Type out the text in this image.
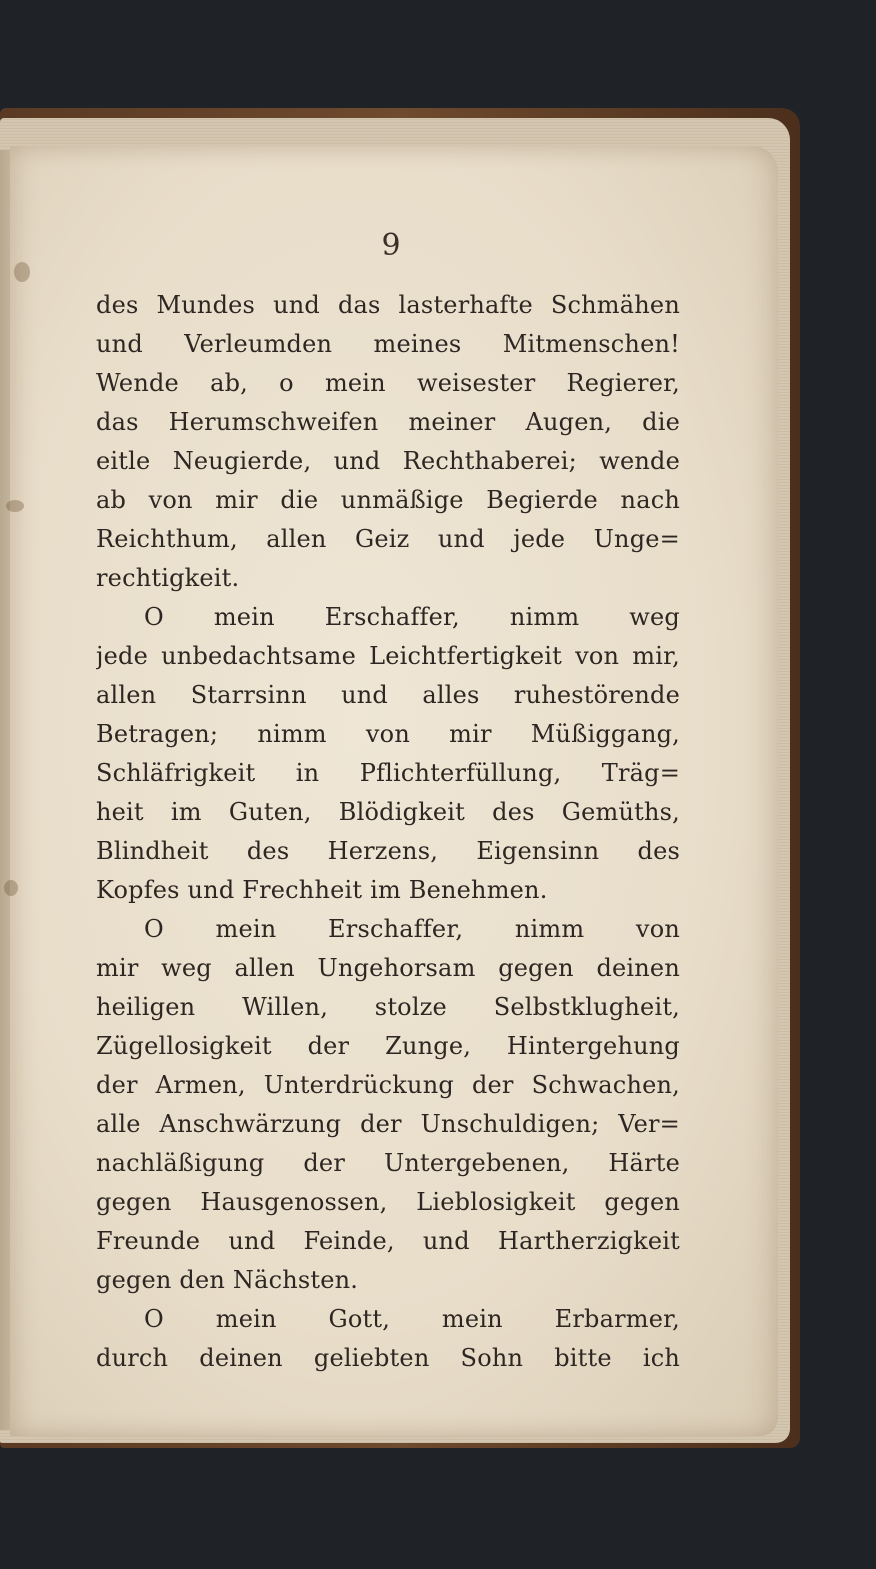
9
des Mundes und das lasterhafte Schmähen
und Verleumden meines Mitmenschen!
Wende ab, o mein weisester Regierer,
das Herumschweifen meiner Augen, die
eitle Neugierde, und Rechthaberei; wende
ab von mir die unmäßige Begierde nach
Reichthum, allen Geiz und jede Unge=
rechtigkeit.
O mein Erschaffer, nimm weg
jede unbedachtsame Leichtfertigkeit von mir,
allen Starrsinn und alles ruhestörende
Betragen; nimm von mir Müßiggang,
Schläfrigkeit in Pflichterfüllung, Träg=
heit im Guten, Blödigkeit des Gemüths,
Blindheit des Herzens, Eigensinn des
Kopfes und Frechheit im Benehmen.
O mein Erschaffer, nimm von
mir weg allen Ungehorsam gegen deinen
heiligen Willen, stolze Selbstklugheit,
Zügellosigkeit der Zunge, Hintergehung
der Armen, Unterdrückung der Schwachen,
alle Anschwärzung der Unschuldigen; Ver=
nachläßigung der Untergebenen, Härte
gegen Hausgenossen, Lieblosigkeit gegen
Freunde und Feinde, und Hartherzigkeit
gegen den Nächsten.
O mein Gott, mein Erbarmer,
durch deinen geliebten Sohn bitte ich
